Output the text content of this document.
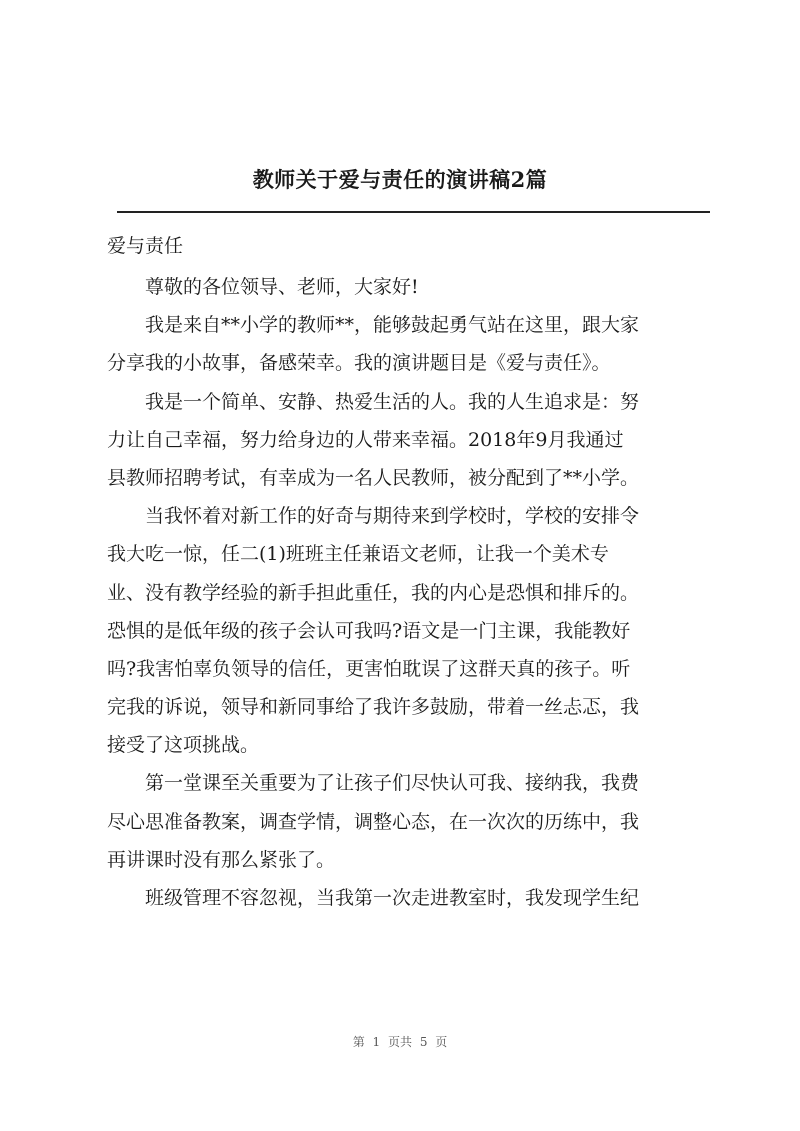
教师关于爱与责任的演讲稿2篇
爱与责任
尊敬的各位领导、老师，大家好!
我是来自**小学的教师**，能够鼓起勇气站在这里，跟大家
分享我的小故事，备感荣幸。我的演讲题目是《爱与责任》。
我是一个简单、安静、热爱生活的人。我的人生追求是：努
力让自己幸福，努力给身边的人带来幸福。2018年9月我通过
县教师招聘考试，有幸成为一名人民教师，被分配到了**小学。
当我怀着对新工作的好奇与期待来到学校时，学校的安排令
我大吃一惊，任二(1)班班主任兼语文老师，让我一个美术专
业、没有教学经验的新手担此重任，我的内心是恐惧和排斥的。
恐惧的是低年级的孩子会认可我吗?语文是一门主课，我能教好
吗?我害怕辜负领导的信任，更害怕耽误了这群天真的孩子。听
完我的诉说，领导和新同事给了我许多鼓励，带着一丝忐忑，我
接受了这项挑战。
第一堂课至关重要为了让孩子们尽快认可我、接纳我，我费
尽心思准备教案，调查学情，调整心态，在一次次的历练中，我
再讲课时没有那么紧张了。
班级管理不容忽视，当我第一次走进教室时，我发现学生纪
第 1 页共 5 页
